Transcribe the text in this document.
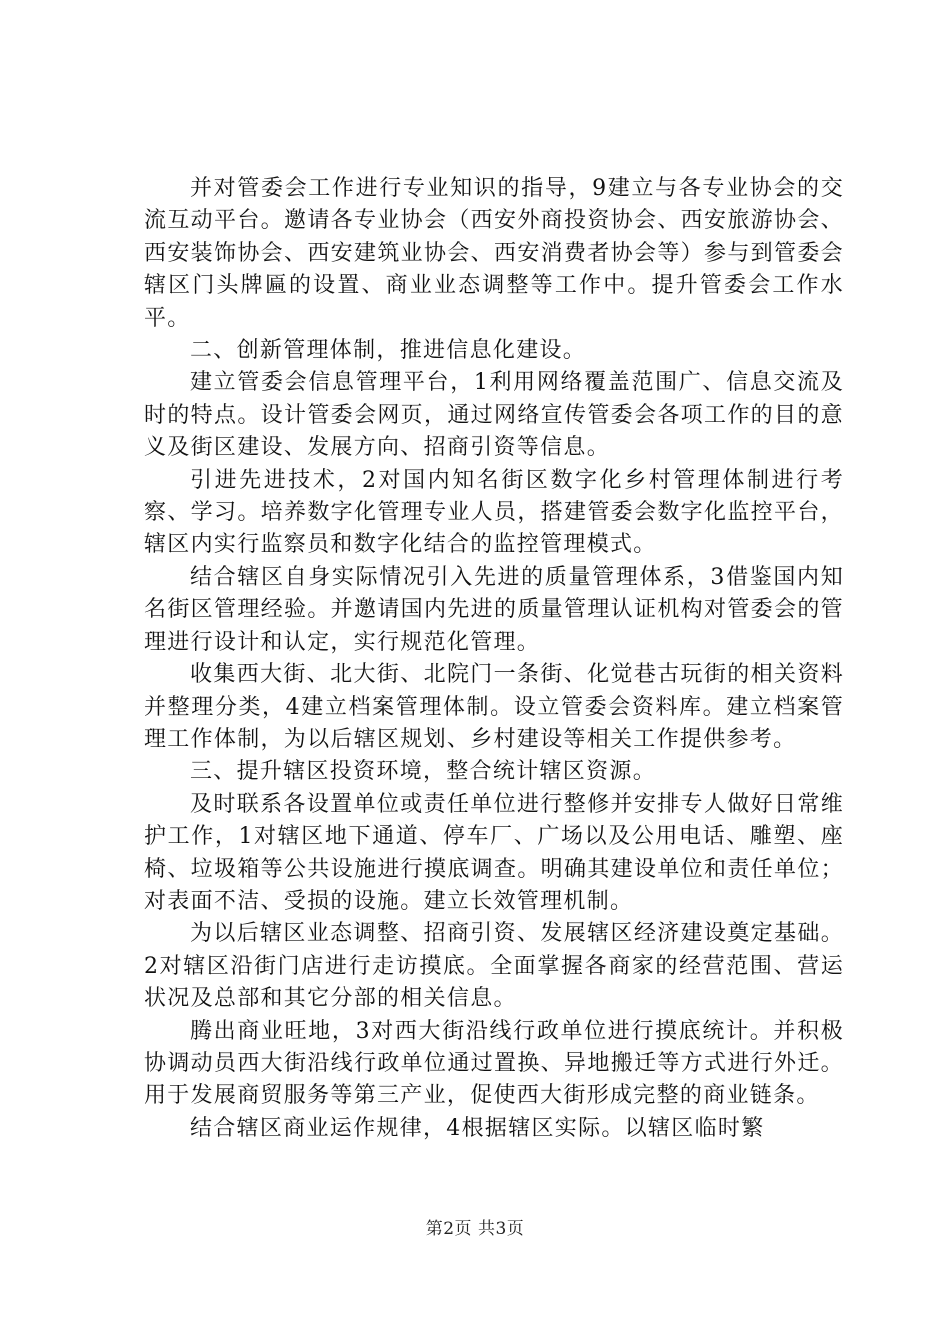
并对管委会工作进行专业知识的指导，9建立与各专业协会的交流互动平台。邀请各专业协会（西安外商投资协会、西安旅游协会、西安装饰协会、西安建筑业协会、西安消费者协会等）参与到管委会辖区门头牌匾的设置、商业业态调整等工作中。提升管委会工作水平。

二、创新管理体制，推进信息化建设。

建立管委会信息管理平台，1利用网络覆盖范围广、信息交流及时的特点。设计管委会网页，通过网络宣传管委会各项工作的目的意义及街区建设、发展方向、招商引资等信息。

引进先进技术，2对国内知名街区数字化乡村管理体制进行考察、学习。培养数字化管理专业人员，搭建管委会数字化监控平台，辖区内实行监察员和数字化结合的监控管理模式。

结合辖区自身实际情况引入先进的质量管理体系，3借鉴国内知名街区管理经验。并邀请国内先进的质量管理认证机构对管委会的管理进行设计和认定，实行规范化管理。

收集西大街、北大街、北院门一条街、化觉巷古玩街的相关资料并整理分类，4建立档案管理体制。设立管委会资料库。建立档案管理工作体制，为以后辖区规划、乡村建设等相关工作提供参考。

三、提升辖区投资环境，整合统计辖区资源。

及时联系各设置单位或责任单位进行整修并安排专人做好日常维护工作，1对辖区地下通道、停车厂、广场以及公用电话、雕塑、座椅、垃圾箱等公共设施进行摸底调查。明确其建设单位和责任单位；对表面不洁、受损的设施。建立长效管理机制。

为以后辖区业态调整、招商引资、发展辖区经济建设奠定基础。2对辖区沿街门店进行走访摸底。全面掌握各商家的经营范围、营运状况及总部和其它分部的相关信息。

腾出商业旺地，3对西大街沿线行政单位进行摸底统计。并积极协调动员西大街沿线行政单位通过置换、异地搬迁等方式进行外迁。用于发展商贸服务等第三产业，促使西大街形成完整的商业链条。

结合辖区商业运作规律，4根据辖区实际。以辖区临时繁

第2页 共3页
